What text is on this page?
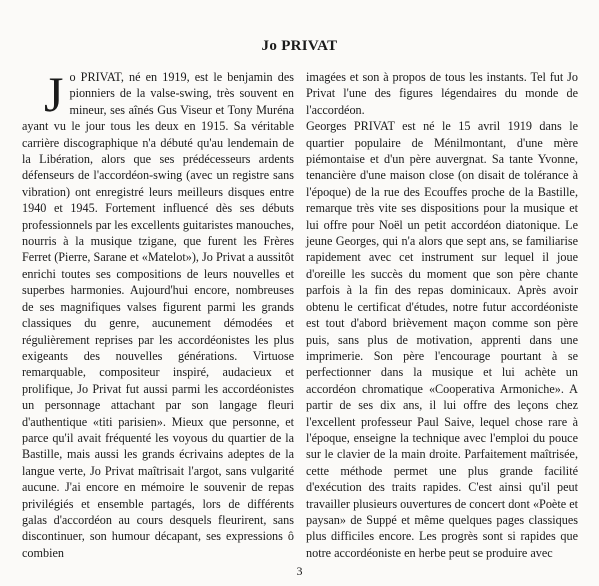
Jo PRIVAT

Jo PRIVAT, né en 1919, est le benjamin des pionniers de la valse-swing, très souvent en mineur, ses aînés Gus Viseur et Tony Muréna ayant vu le jour tous les deux en 1915. Sa véritable carrière discographique n'a débuté qu'au lendemain de la Libération, alors que ses prédécesseurs ardents défenseurs de l'accordéon-swing (avec un registre sans vibration) ont enregistré leurs meilleurs disques entre 1940 et 1945. Fortement influencé dès ses débuts professionnels par les excellents guitaristes manouches, nourris à la musique tzigane, que furent les Frères Ferret (Pierre, Sarane et «Matelot»), Jo Privat a aussitôt enrichi toutes ses compositions de leurs nouvelles et superbes harmonies. Aujourd'hui encore, nombreuses de ses magnifiques valses figurent parmi les grands classiques du genre, aucunement démodées et régulièrement reprises par les accordéonistes les plus exigeants des nouvelles générations. Virtuose remarquable, compositeur inspiré, audacieux et prolifique, Jo Privat fut aussi parmi les accordéonistes un personnage attachant par son langage fleuri d'authentique «titi parisien». Mieux que personne, et parce qu'il avait fréquenté les voyous du quartier de la Bastille, mais aussi les grands écrivains adeptes de la langue verte, Jo Privat maîtrisait l'argot, sans vulgarité aucune. J'ai encore en mémoire le souvenir de repas privilégiés et ensemble partagés, lors de différents galas d'accordéon au cours desquels fleurirent, sans discontinuer, son humour décapant, ses expressions ô combien

imagées et son à propos de tous les instants. Tel fut Jo Privat l'une des figures légendaires du monde de l'accordéon.

Georges PRIVAT est né le 15 avril 1919 dans le quartier populaire de Ménilmontant, d'une mère piémontaise et d'un père auvergnat. Sa tante Yvonne, tenancière d'une maison close (on disait de tolérance à l'époque) de la rue des Ecouffes proche de la Bastille, remarque très vite ses dispositions pour la musique et lui offre pour Noël un petit accordéon diatonique. Le jeune Georges, qui n'a alors que sept ans, se familiarise rapidement avec cet instrument sur lequel il joue d'oreille les succès du moment que son père chante parfois à la fin des repas dominicaux. Après avoir obtenu le certificat d'études, notre futur accordéoniste est tout d'abord brièvement maçon comme son père puis, sans plus de motivation, apprenti dans une imprimerie. Son père l'encourage pourtant à se perfectionner dans la musique et lui achète un accordéon chromatique «Cooperativa Armoniche». A partir de ses dix ans, il lui offre des leçons chez l'excellent professeur Paul Saive, lequel chose rare à l'époque, enseigne la technique avec l'emploi du pouce sur le clavier de la main droite. Parfaitement maîtrisée, cette méthode permet une plus grande facilité d'exécution des traits rapides. C'est ainsi qu'il peut travailler plusieurs ouvertures de concert dont «Poète et paysan» de Suppé et même quelques pages classiques plus difficiles encore. Les progrès sont si rapides que notre accordéoniste en herbe peut se produire avec

3
